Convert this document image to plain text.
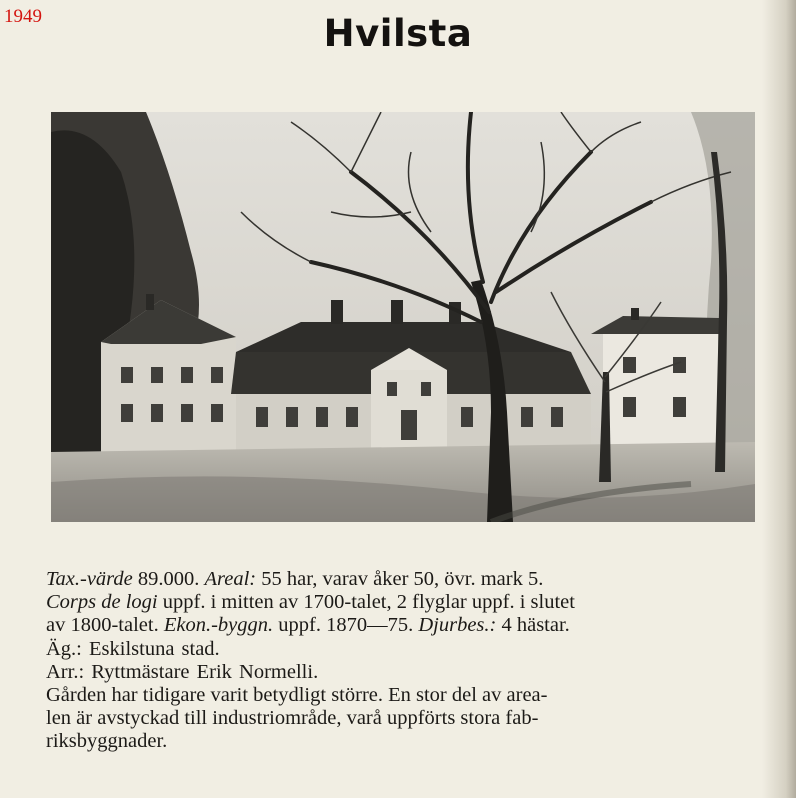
1949	Hvilsta
Tax.-värde 89.000. Areal: 55 har, varav åker 50, övr. mark 5.
Corps de logi uppf. i mitten av 1700-talet, 2 flyglar uppf. i slutet
av 1800-talet. Ekon.-byggn. uppf. 1870—75. Djurbes.: 4 hästar.
Äg.: Eskilstuna stad.
Arr.: Ryttmästare Erik Normelli.
Gården har tidigare varit betydligt större. En stor del av area-
len är avstyckad till industriområde, varå uppförts stora fab-
riksbyggnader.
